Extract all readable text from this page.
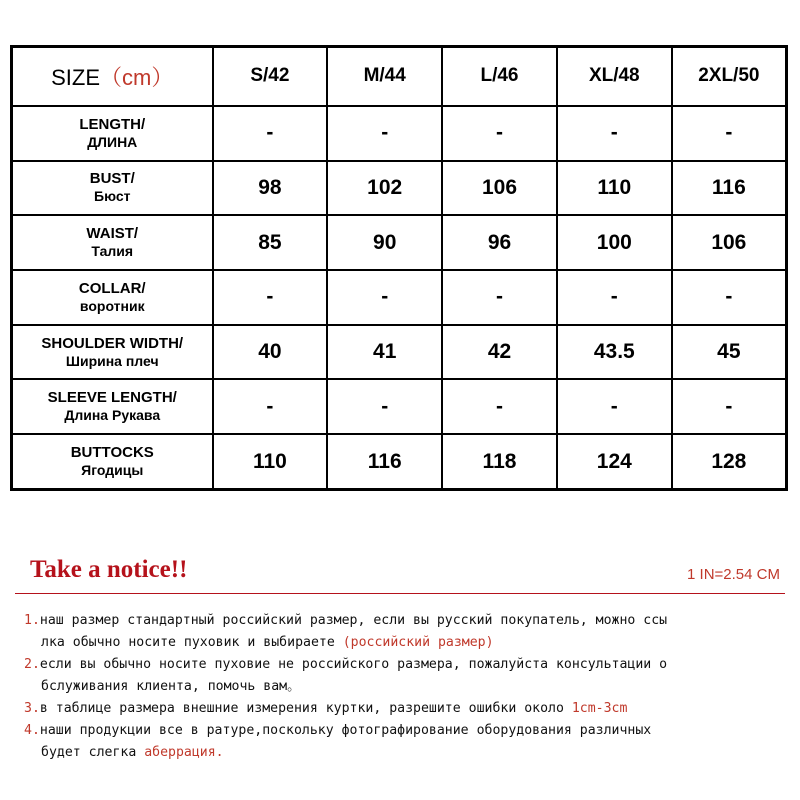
SIZE（cm）	S/42	M/44	L/46	XL/48	2XL/50

LENGTH/
ДЛИНА	-	-	-	-	-

BUST/
Бюст	98	102	106	110	116

WAIST/
Талия	85	90	96	100	106

COLLAR/
воротник	-	-	-	-	-

SHOULDER WIDTH/
Ширина плеч	40	41	42	43.5	45

SLEEVE LENGTH/
Длина Рукава	-	-	-	-	-

BUTTOCKS
Ягодицы	110	116	118	124	128
Take a notice!!	1 IN=2.54 CM
1.наш размер стандартный российский размер, если вы русский покупатель, можно ссы
лка обычно носите пуховик и выбираете (российский размер)
2.если вы обычно носите пуховие не российского размера, пожалуйста консультации о
бслуживания клиента, помочь вам。
3.в таблице размера внешние измерения куртки, разрешите ошибки около 1cm-3cm
4.наши продукции все в ратуре,поскольку фотографирование оборудования различных
будет слегка аберрация.
